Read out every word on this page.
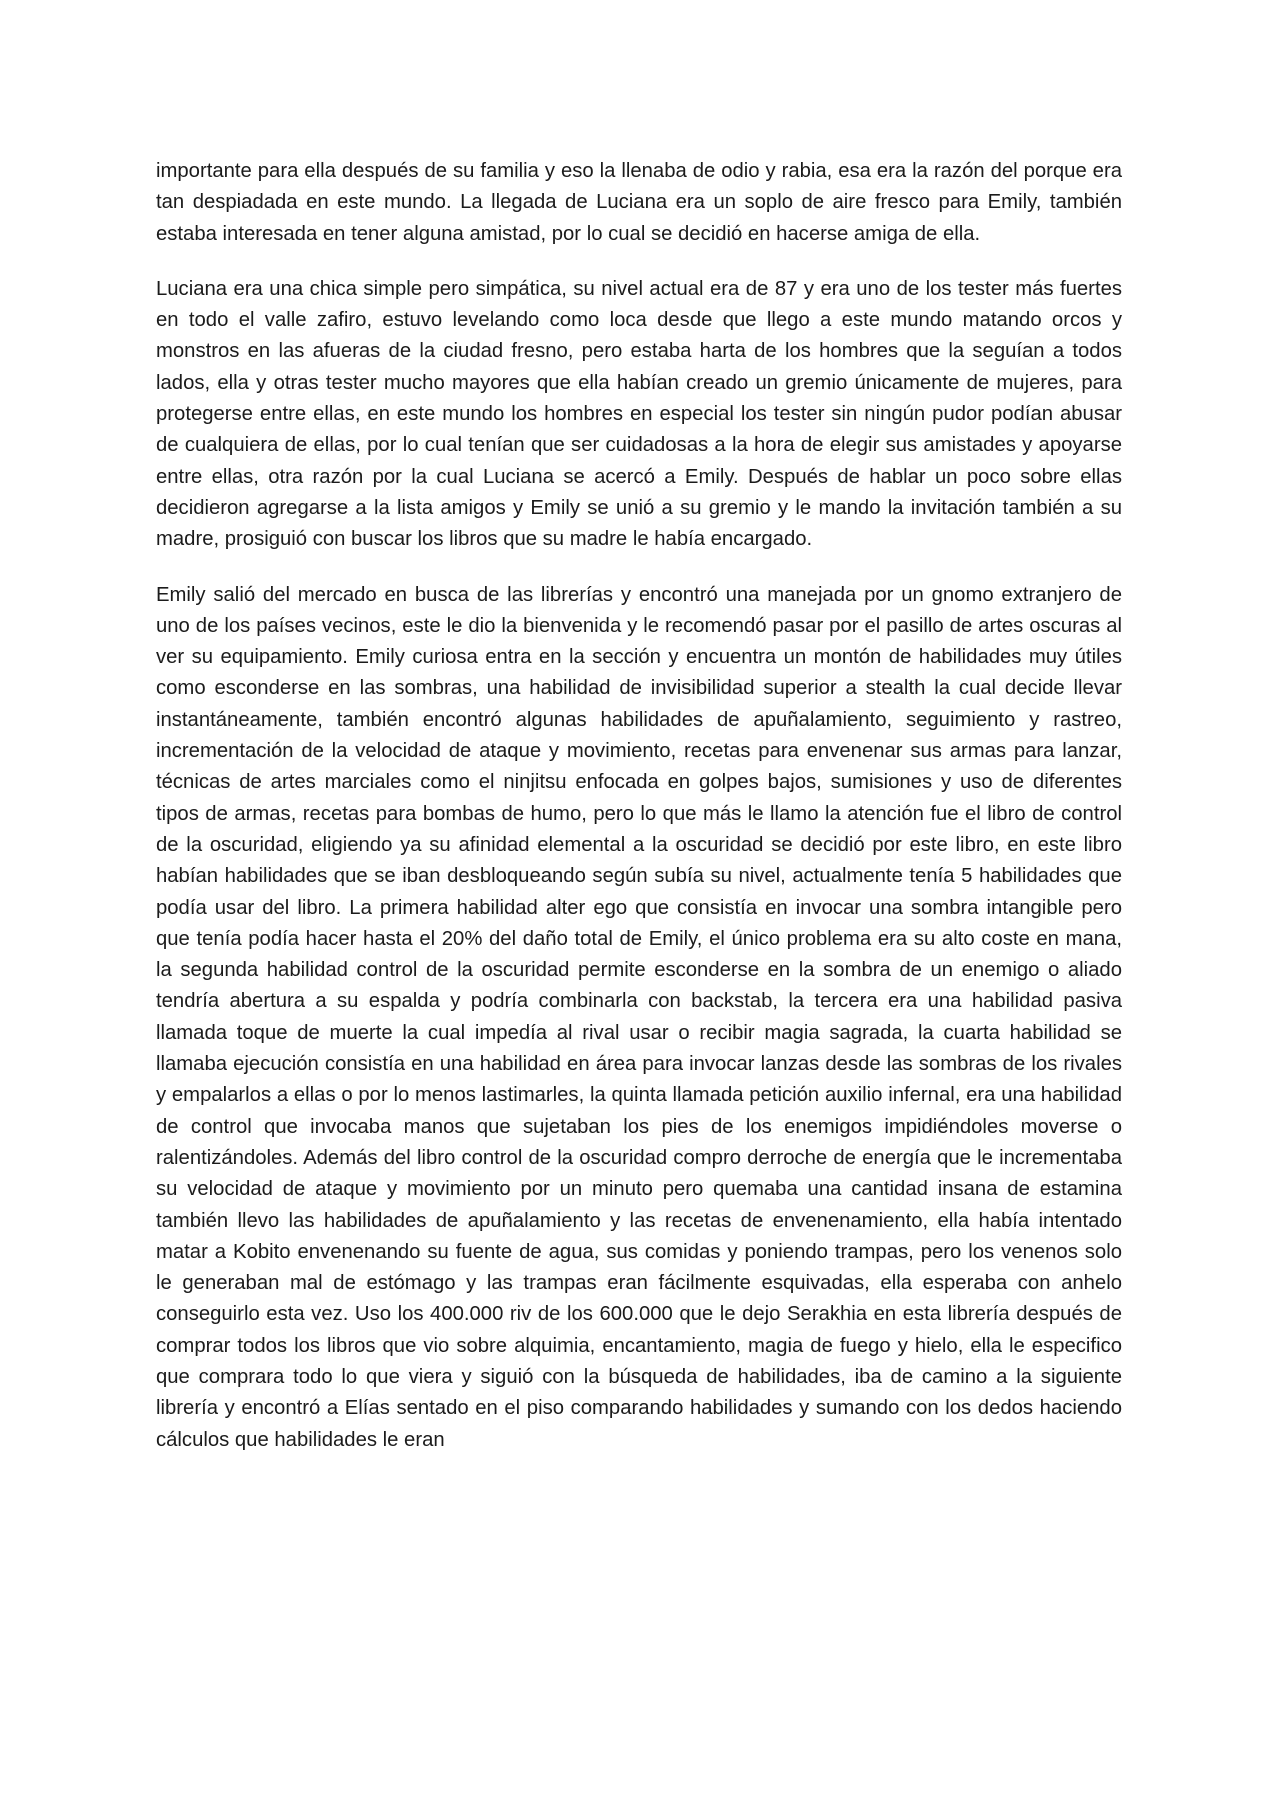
importante para ella después de su familia y eso la llenaba de odio y rabia, esa era la razón del porque era tan despiadada en este mundo. La llegada de Luciana era un soplo de aire fresco para Emily, también estaba interesada en tener alguna amistad, por lo cual se decidió en hacerse amiga de ella.

Luciana era una chica simple pero simpática, su nivel actual era de 87 y era uno de los tester más fuertes en todo el valle zafiro, estuvo levelando como loca desde que llego a este mundo matando orcos y monstros en las afueras de la ciudad fresno, pero estaba harta de los hombres que la seguían a todos lados, ella y otras tester mucho mayores que ella habían creado un gremio únicamente de mujeres, para protegerse entre ellas, en este mundo los hombres en especial los tester sin ningún pudor podían abusar de cualquiera de ellas, por lo cual tenían que ser cuidadosas a la hora de elegir sus amistades y apoyarse entre ellas, otra razón por la cual Luciana se acercó a Emily. Después de hablar un poco sobre ellas decidieron agregarse a la lista amigos y Emily se unió a su gremio y le mando la invitación también a su madre, prosiguió con buscar los libros que su madre le había encargado.

Emily salió del mercado en busca de las librerías y encontró una manejada por un gnomo extranjero de uno de los países vecinos, este le dio la bienvenida y le recomendó pasar por el pasillo de artes oscuras al ver su equipamiento. Emily curiosa entra en la sección y encuentra un montón de habilidades muy útiles como esconderse en las sombras, una habilidad de invisibilidad superior a stealth la cual decide llevar instantáneamente, también encontró algunas habilidades de apuñalamiento, seguimiento y rastreo, incrementación de la velocidad de ataque y movimiento, recetas para envenenar sus armas para lanzar, técnicas de artes marciales como el ninjitsu enfocada en golpes bajos, sumisiones y uso de diferentes tipos de armas, recetas para bombas de humo, pero lo que más le llamo la atención fue el libro de control de la oscuridad, eligiendo ya su afinidad elemental a la oscuridad se decidió por este libro, en este libro habían habilidades que se iban desbloqueando según subía su nivel, actualmente tenía 5 habilidades que podía usar del libro. La primera habilidad alter ego que consistía en invocar una sombra intangible pero que tenía podía hacer hasta el 20% del daño total de Emily, el único problema era su alto coste en mana, la segunda habilidad control de la oscuridad permite esconderse en la sombra de un enemigo o aliado tendría abertura a su espalda y podría combinarla con backstab, la tercera era una habilidad pasiva llamada toque de muerte la cual impedía al rival usar o recibir magia sagrada, la cuarta habilidad se llamaba ejecución consistía en una habilidad en área para invocar lanzas desde las sombras de los rivales y empalarlos a ellas o por lo menos lastimarles, la quinta llamada petición auxilio infernal, era una habilidad de control que invocaba manos que sujetaban los pies de los enemigos impidiéndoles moverse o ralentizándoles. Además del libro control de la oscuridad compro derroche de energía que le incrementaba su velocidad de ataque y movimiento por un minuto pero quemaba una cantidad insana de estamina también llevo las habilidades de apuñalamiento y las recetas de envenenamiento, ella había intentado matar a Kobito envenenando su fuente de agua, sus comidas y poniendo trampas, pero los venenos solo le generaban mal de estómago y las trampas eran fácilmente esquivadas, ella esperaba con anhelo conseguirlo esta vez. Uso los 400.000 riv de los 600.000 que le dejo Serakhia en esta librería después de comprar todos los libros que vio sobre alquimia, encantamiento, magia de fuego y hielo, ella le especifico que comprara todo lo que viera y siguió con la búsqueda de habilidades, iba de camino a la siguiente librería y encontró a Elías sentado en el piso comparando habilidades y sumando con los dedos haciendo cálculos que habilidades le eran
